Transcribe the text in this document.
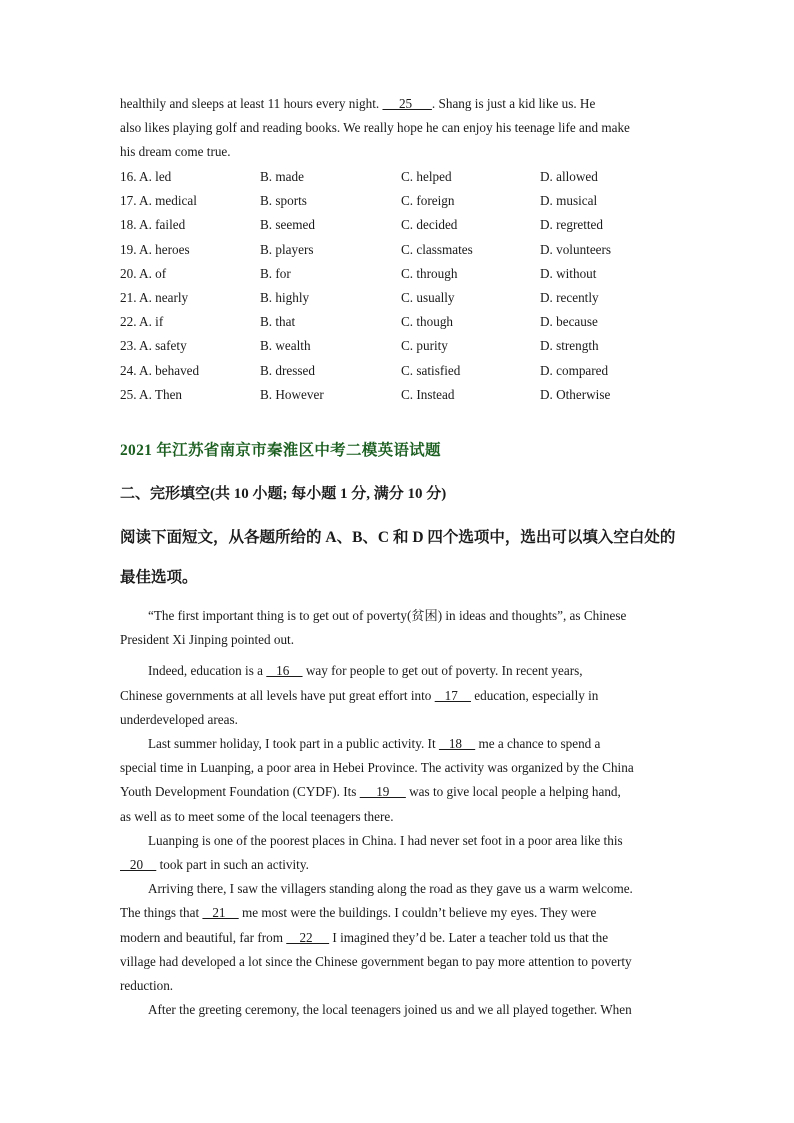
healthily and sleeps at least 11 hours every night.      25      . Shang is just a kid like us. He

also likes playing golf and reading books. We really hope he can enjoy his teenage life and make

his dream come true.

16. A. led	B. made	C. helped	D. allowed
17. A. medical	B. sports	C. foreign	D. musical
18. A. failed	B. seemed	C. decided	D. regretted
19. A. heroes	B. players	C. classmates	D. volunteers
20. A. of	B. for	C. through	D. without
21. A. nearly	B. highly	C. usually	D. recently
22. A. if	B. that	C. though	D. because
23. A. safety	B. wealth	C. purity	D. strength
24. A. behaved	B. dressed	C. satisfied	D. compared
25. A. Then	B. However	C. Instead	D. Otherwise
2021 年江苏省南京市秦淮区中考二模英语试题
二、完形填空(共 10 小题; 每小题 1 分, 满分 10 分)
阅读下面短文，从各题所给的 A、B、C 和 D 四个选项中，选出可以填入空白处的最佳选项。

“The first important thing is to get out of poverty(贫困) in ideas and thoughts”, as Chinese

President Xi Jinping pointed out.

Indeed, education is a    16     way for people to get out of poverty. In recent years,

Chinese governments at all levels have put great effort into    17     education, especially in

underdeveloped areas.

Last summer holiday, I took part in a public activity. It    18     me a chance to spend a

special time in Luanping, a poor area in Hebei Province. The activity was organized by the China

Youth Development Foundation (CYDF). Its      19      was to give local people a helping hand,

as well as to meet some of the local teenagers there.

Luanping is one of the poorest places in China. I had never set foot in a poor area like this

20     took part in such an activity.

Arriving there, I saw the villagers standing along the road as they gave us a warm welcome.

The things that    21     me most were the buildings. I couldn’t believe my eyes. They were

modern and beautiful, far from     22      I imagined they’d be. Later a teacher told us that the

village had developed a lot since the Chinese government began to pay more attention to poverty

reduction.

After the greeting ceremony, the local teenagers joined us and we all played together. When
